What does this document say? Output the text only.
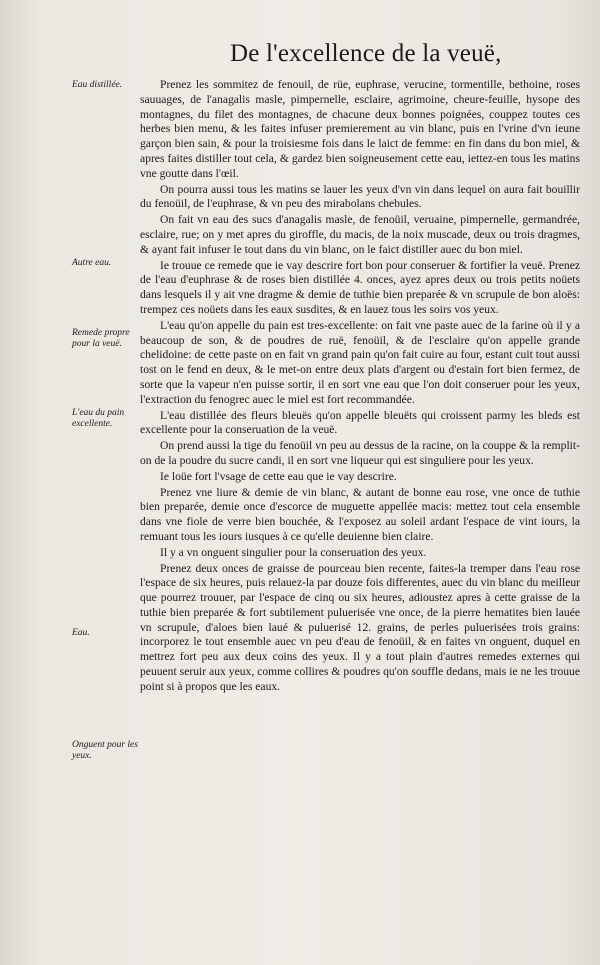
De l'excellence de la veuë,
Eau distillée.
Autre eau.
Remede propre pour la veuë.
L'eau du pain excellente.
Eau.
Onguent pour les yeux.

Prenez les sommitez de fenouil, de rüe, euphrase, verucine, tormentille, bethoine, roses sauuages, de l'anagalis masle, pimpernelle, esclaire, agrimoine, cheure-feuille, hysope des montagnes, du filet des montagnes, de chacune deux bonnes poignées, couppez toutes ces herbes bien menu, & les faites infuser premierement au vin blanc, puis en l'vrine d'vn ieune garçon bien sain, & pour la troisiesme fois dans le laict de femme: en fin dans du bon miel, & apres faites distiller tout cela, & gardez bien soigneusement cette eau, iettez-en tous les matins vne goutte dans l'œil.

On pourra aussi tous les matins se lauer les yeux d'vn vin dans lequel on aura fait bouillir du fenoüil, de l'euphrase, & vn peu des mirabolans chebules.

On fait vn eau des sucs d'anagalis masle, de fenoüil, veruaine, pimpernelle, germandrée, esclaire, rue; on y met apres du giroffle, du macis, de la noix muscade, deux ou trois dragmes, & ayant fait infuser le tout dans du vin blanc, on le faict distiller auec du bon miel.

Ie trouue ce remede que ie vay descrire fort bon pour conseruer & fortifier la veuë. Prenez de l'eau d'euphrase & de roses bien distillée 4. onces, ayez apres deux ou trois petits noüets dans lesquels il y ait vne dragme & demie de tuthie bien preparée & vn scrupule de bon aloës: trempez ces noüets dans les eaux susdites, & en lauez tous les soirs vos yeux.

L'eau qu'on appelle du pain est tres-excellente: on fait vne paste auec de la farine où il y a beaucoup de son, & de poudres de ruë, fenoüil, & de l'esclaire qu'on appelle grande chelidoine: de cette paste on en fait vn grand pain qu'on fait cuire au four, estant cuit tout aussi tost on le fend en deux, & le met-on entre deux plats d'argent ou d'estain fort bien fermez, de sorte que la vapeur n'en puisse sortir, il en sort vne eau que l'on doit conseruer pour les yeux, l'extraction du fenogrec auec le miel est fort recommandée.

L'eau distillée des fleurs bleuës qu'on appelle bleuëts qui croissent parmy les bleds est excellente pour la conseruation de la veuë.

On prend aussi la tige du fenoüil vn peu au dessus de la racine, on la couppe & la remplit-on de la poudre du sucre candi, il en sort vne liqueur qui est singuliere pour les yeux.

Ie loüe fort l'vsage de cette eau que ie vay descrire.

Prenez vne liure & demie de vin blanc, & autant de bonne eau rose, vne once de tuthie bien preparée, demie once d'escorce de muguette appellée macis: mettez tout cela ensemble dans vne fiole de verre bien bouchée, & l'exposez au soleil ardant l'espace de vint iours, la remuant tous les iours iusques à ce qu'elle deuienne bien claire.

Il y a vn onguent singulier pour la conseruation des yeux.

Prenez deux onces de graisse de pourceau bien recente, faites-la tremper dans l'eau rose l'espace de six heures, puis relauez-la par douze fois differentes, auec du vin blanc du meilleur que pourrez trouuer, par l'espace de cinq ou six heures, adioustez apres à cette graisse de la tuthie bien preparée & fort subtilement puluerisée vne once, de la pierre hematites bien lauée vn scrupule, d'aloes bien laué & puluerisé 12. grains, de perles puluerisées trois grains: incorporez le tout ensemble auec vn peu d'eau de fenoüil, & en faites vn onguent, duquel en mettrez fort peu aux deux coins des yeux. Il y a tout plain d'autres remedes externes qui peuuent seruir aux yeux, comme collires & poudres qu'on souffle dedans, mais ie ne les trouue point si à propos que les eaux.
